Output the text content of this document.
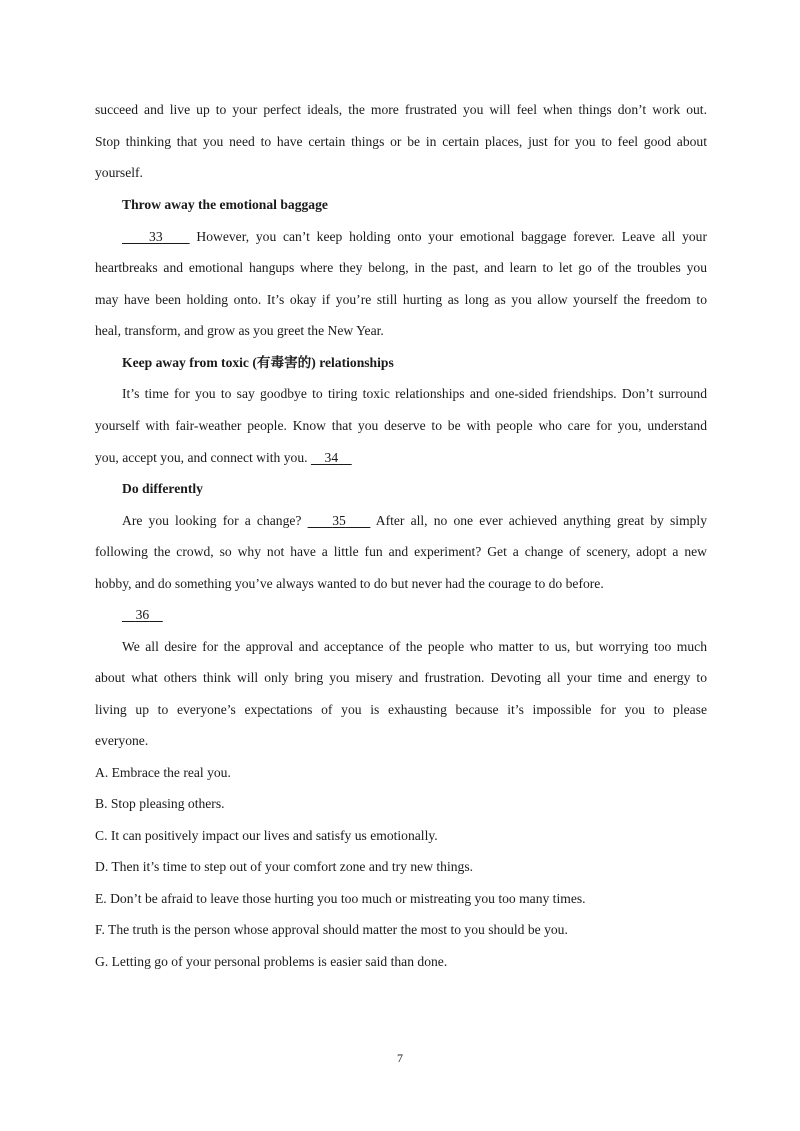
succeed and live up to your perfect ideals, the more frustrated you will feel when things don’t work out.
Stop thinking that you need to have certain things or be in certain places, just for you to feel good about
yourself.
Throw away the emotional baggage
33     However, you can’t keep holding onto your emotional baggage forever. Leave all your
heartbreaks and emotional hangups where they belong, in the past, and learn to let go of the troubles you
may have been holding onto. It’s okay if you’re still hurting as long as you allow yourself the freedom to
heal, transform, and grow as you greet the New Year.
Keep away from toxic (有毒害的) relationships
It’s time for you to say goodbye to tiring toxic relationships and one-sided friendships. Don’t surround
yourself with fair-weather people. Know that you deserve to be with people who care for you, understand
you, accept you, and connect with you.     34
Do differently
Are you looking for a change?     35     After all, no one ever achieved anything great by simply
following the crowd, so why not have a little fun and experiment? Get a change of scenery, adopt a new
hobby, and do something you’ve always wanted to do but never had the courage to do before.
36
We all desire for the approval and acceptance of the people who matter to us, but worrying too much
about what others think will only bring you misery and frustration. Devoting all your time and energy to
living up to everyone’s expectations of you is exhausting because it’s impossible for you to please
everyone.
A. Embrace the real you.
B. Stop pleasing others.
C. It can positively impact our lives and satisfy us emotionally.
D. Then it’s time to step out of your comfort zone and try new things.
E. Don’t be afraid to leave those hurting you too much or mistreating you too many times.
F. The truth is the person whose approval should matter the most to you should be you.
G. Letting go of your personal problems is easier said than done.
7
